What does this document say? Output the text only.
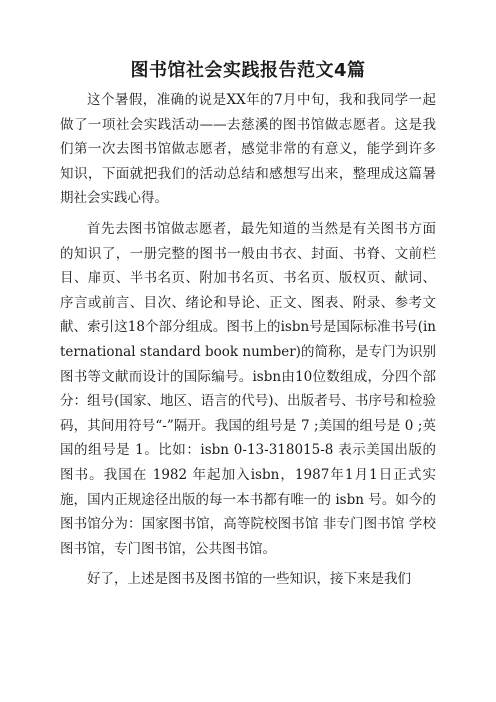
图书馆社会实践报告范文4篇

这个暑假，准确的说是XX年的7月中旬，我和我同学一起做了一项社会实践活动——去慈溪的图书馆做志愿者。这是我们第一次去图书馆做志愿者，感觉非常的有意义，能学到许多知识，下面就把我们的活动总结和感想写出来，整理成这篇暑期社会实践心得。

首先去图书馆做志愿者，最先知道的当然是有关图书方面的知识了，一册完整的图书一般由书衣、封面、书脊、文前栏目、扉页、半书名页、附加书名页、书名页、版权页、献词、序言或前言、目次、绪论和导论、正文、图表、附录、参考文献、索引这18个部分组成。图书上的isbn号是国际标准书号(international standard book number)的简称，是专门为识别图书等文献而设计的国际编号。isbn由10位数组成，分四个部分：组号(国家、地区、语言的代号)、出版者号、书序号和检验码，其间用符号“-”隔开。我国的组号是 7 ;美国的组号是 0 ;英国的组号是 1。比如：isbn 0-13-318015-8 表示美国出版的图书。我国在 1982 年起加入isbn，1987年1月1日正式实施，国内正规途径出版的每一本书都有唯一的 isbn 号。如今的图书馆分为：国家图书馆，高等院校图书馆 非专门图书馆 学校图书馆，专门图书馆，公共图书馆。

好了，上述是图书及图书馆的一些知识，接下来是我们
